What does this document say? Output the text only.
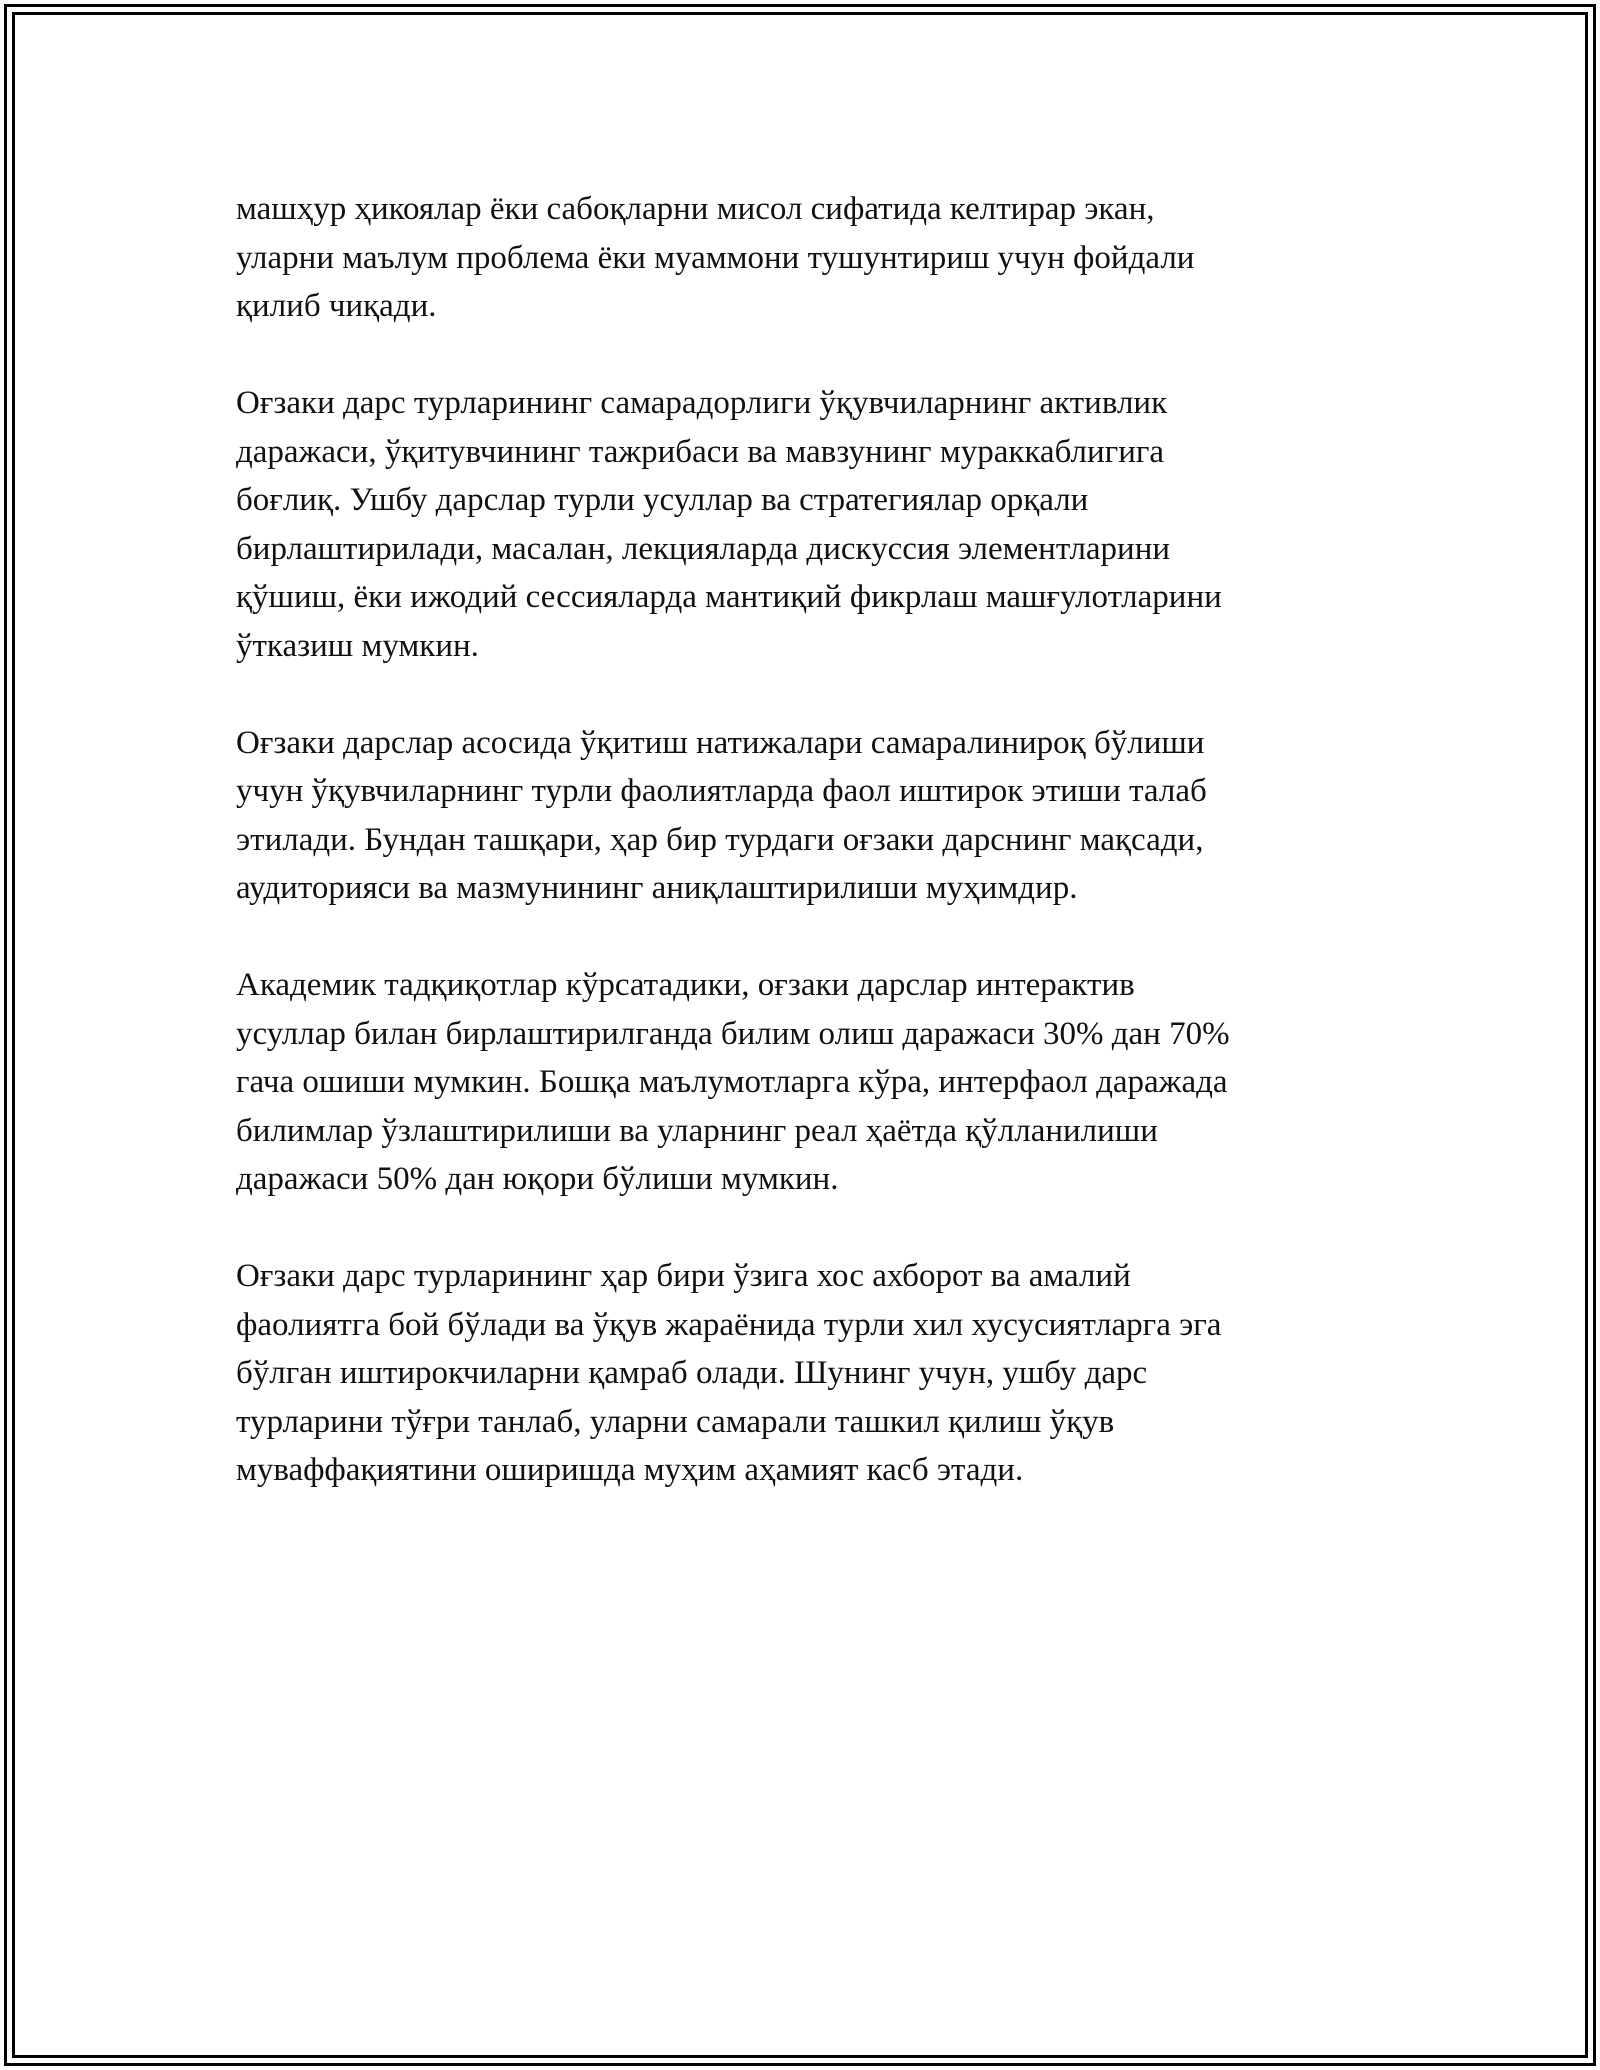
машҳур ҳикоялар ёки сабоқларни мисол сифатида келтирар экан,
уларни маълум проблема ёки муаммони тушунтириш учун фойдали
қилиб чиқади.

Оғзаки дарс турларининг самарадорлиги ўқувчиларнинг активлик
даражаси, ўқитувчининг тажрибаси ва мавзунинг мураккаблигига
боғлиқ. Ушбу дарслар турли усуллар ва стратегиялар орқали
бирлаштирилади, масалан, лекцияларда дискуссия элементларини
қўшиш, ёки ижодий сессияларда мантиқий фикрлаш машғулотларини
ўтказиш мумкин.

Оғзаки дарслар асосида ўқитиш натижалари самаралинироқ бўлиши
учун ўқувчиларнинг турли фаолиятларда фаол иштирок этиши талаб
этилади. Бундан ташқари, ҳар бир турдаги оғзаки дарснинг мақсади,
аудиторияси ва мазмунининг аниқлаштирилиши муҳимдир.

Академик тадқиқотлар кўрсатадики, оғзаки дарслар интерактив
усуллар билан бирлаштирилганда билим олиш даражаси 30% дан 70%
гача ошиши мумкин. Бошқа маълумотларга кўра, интерфаол даражада
билимлар ўзлаштирилиши ва уларнинг реал ҳаётда қўлланилиши
даражаси 50% дан юқори бўлиши мумкин.

Оғзаки дарс турларининг ҳар бири ўзига хос ахборот ва амалий
фаолиятга бой бўлади ва ўқув жараёнида турли хил хусусиятларга эга
бўлган иштирокчиларни қамраб олади. Шунинг учун, ушбу дарс
турларини тўғри танлаб, уларни самарали ташкил қилиш ўқув
муваффақиятини оширишда муҳим аҳамият касб этади.
